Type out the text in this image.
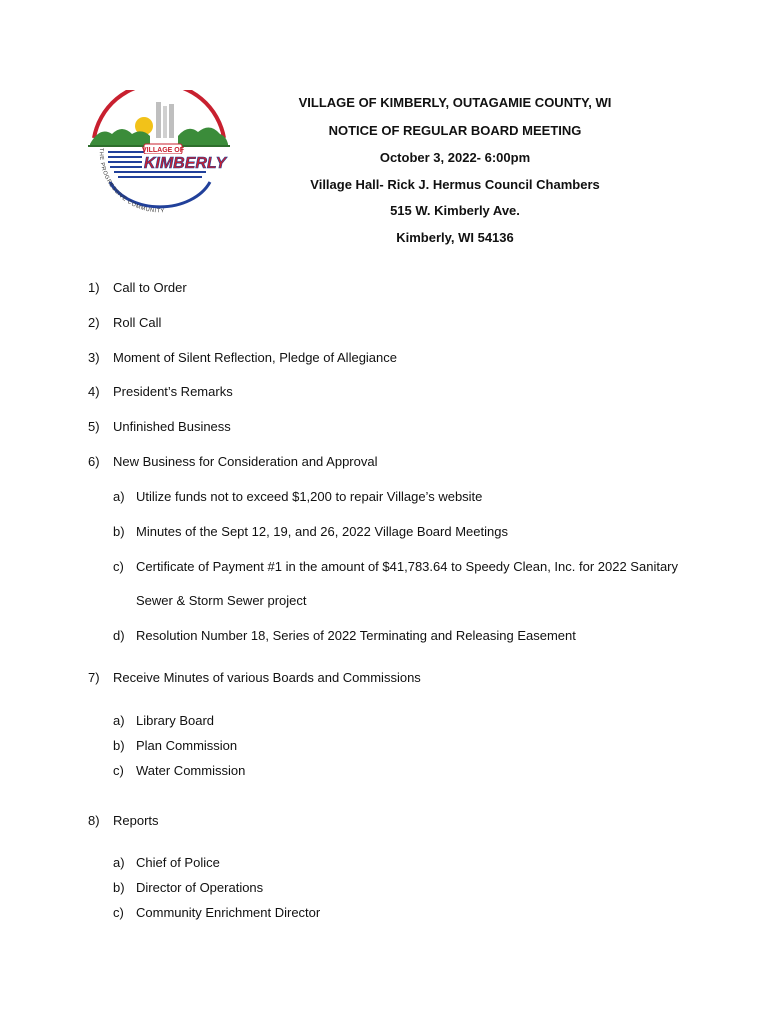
VILLAGE OF
KIMBERLY
THE PROGRESSIVE COMMUNITY
VILLAGE OF KIMBERLY, OUTAGAMIE COUNTY, WI
NOTICE OF REGULAR BOARD MEETING
October 3, 2022- 6:00pm
Village Hall- Rick J. Hermus Council Chambers
515 W. Kimberly Ave.
Kimberly, WI 54136
1) Call to Order
2) Roll Call
3) Moment of Silent Reflection, Pledge of Allegiance
4) President’s Remarks
5) Unfinished Business
6) New Business for Consideration and Approval
a) Utilize funds not to exceed $1,200 to repair Village’s website
b) Minutes of the Sept 12, 19, and 26, 2022 Village Board Meetings
c) Certificate of Payment #1 in the amount of $41,783.64 to Speedy Clean, Inc. for 2022 Sanitary
Sewer & Storm Sewer project
d) Resolution Number 18, Series of 2022 Terminating and Releasing Easement
7) Receive Minutes of various Boards and Commissions
a) Library Board
b) Plan Commission
c) Water Commission
8) Reports
a) Chief of Police
b) Director of Operations
c) Community Enrichment Director
